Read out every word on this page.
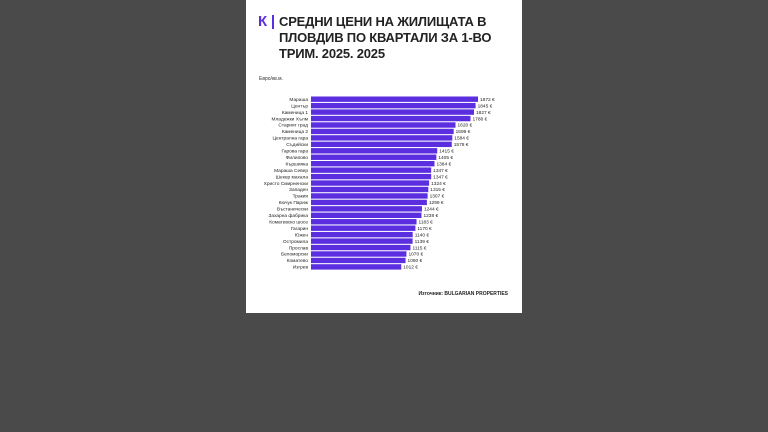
К СРЕДНИ ЦЕНИ НА ЖИЛИЩАТА В ПЛОВДИВ ПО КВАРТАЛИ ЗА 1-ВО ТРИМ. 2025. 2025
Евро/кв.м.
Марашa	1872 €
Център	1845 €
Каменица 1	1827 €
Младежки Хълм	1788 €
Старият град	1620 €
Каменица 2	1599 €
Централна гара	1584 €
Съдийски	1578 €
Гарова гара	1415 €
Филипово	1405 €
Кършияка	1384 €
Мараша Север	1347 €
Шекер махала	1347 €
Христо Смирненски	1324 €
Западен	1315 €
Тракия	1307 €
Кючук Париж	1299 €
Въстанически	1244 €
Захарна фабрика	1238 €
Коматевско шосе	1183 €
Гагарин	1170 €
Южен	1140 €
Остромила	1139 €
Прослав	1115 €
Беломорски	1070 €
Коматево	1060 €
Изгрев	1012 €
Източник: BULGARIAN PROPERTIES
